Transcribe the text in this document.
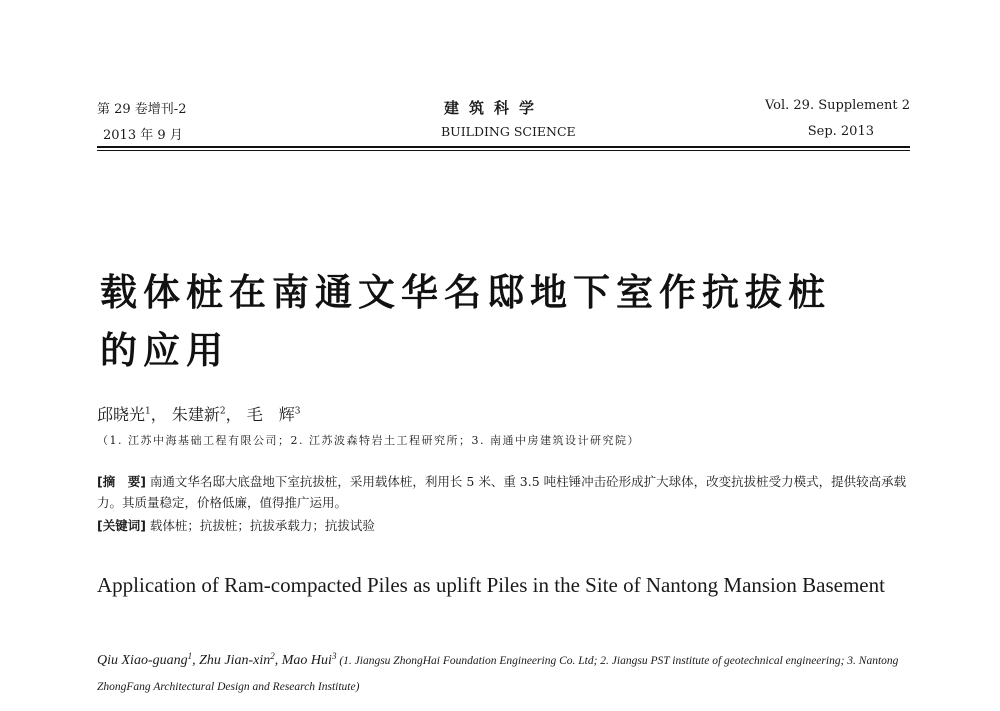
第 29 卷增刊-2
2013 年 9 月
建筑科学
BUILDING SCIENCE
Vol. 29. Supplement 2
Sep. 2013
载体桩在南通文华名邸地下室作抗拔桩
的应用
邱晓光$^1$， 朱建新$^2$， 毛　辉$^3$
（1. 江苏中海基础工程有限公司；2. 江苏波森特岩土工程研究所；3. 南通中房建筑设计研究院）
[摘　要] 南通文华名邸大底盘地下室抗拔桩，采用载体桩，利用长 5 米、重 3.5 吨柱锤冲击砼形成扩大球体，改变抗拔桩受力模式，提供较高承载力。其质量稳定，价格低廉，值得推广运用。
[关键词] 载体桩；抗拔桩；抗拔承载力；抗拔试验
Application of Ram-compacted Piles as uplift Piles in the Site of Nantong Mansion Basement
Qiu Xiao-guang$^1$, Zhu Jian-xin$^2$, Mao Hui$^3$ (1. Jiangsu ZhongHai Foundation Engineering Co. Ltd; 2. Jiangsu PST institute of geotechnical engineering; 3. Nantong ZhongFang Architectural Design and Research Institute)
